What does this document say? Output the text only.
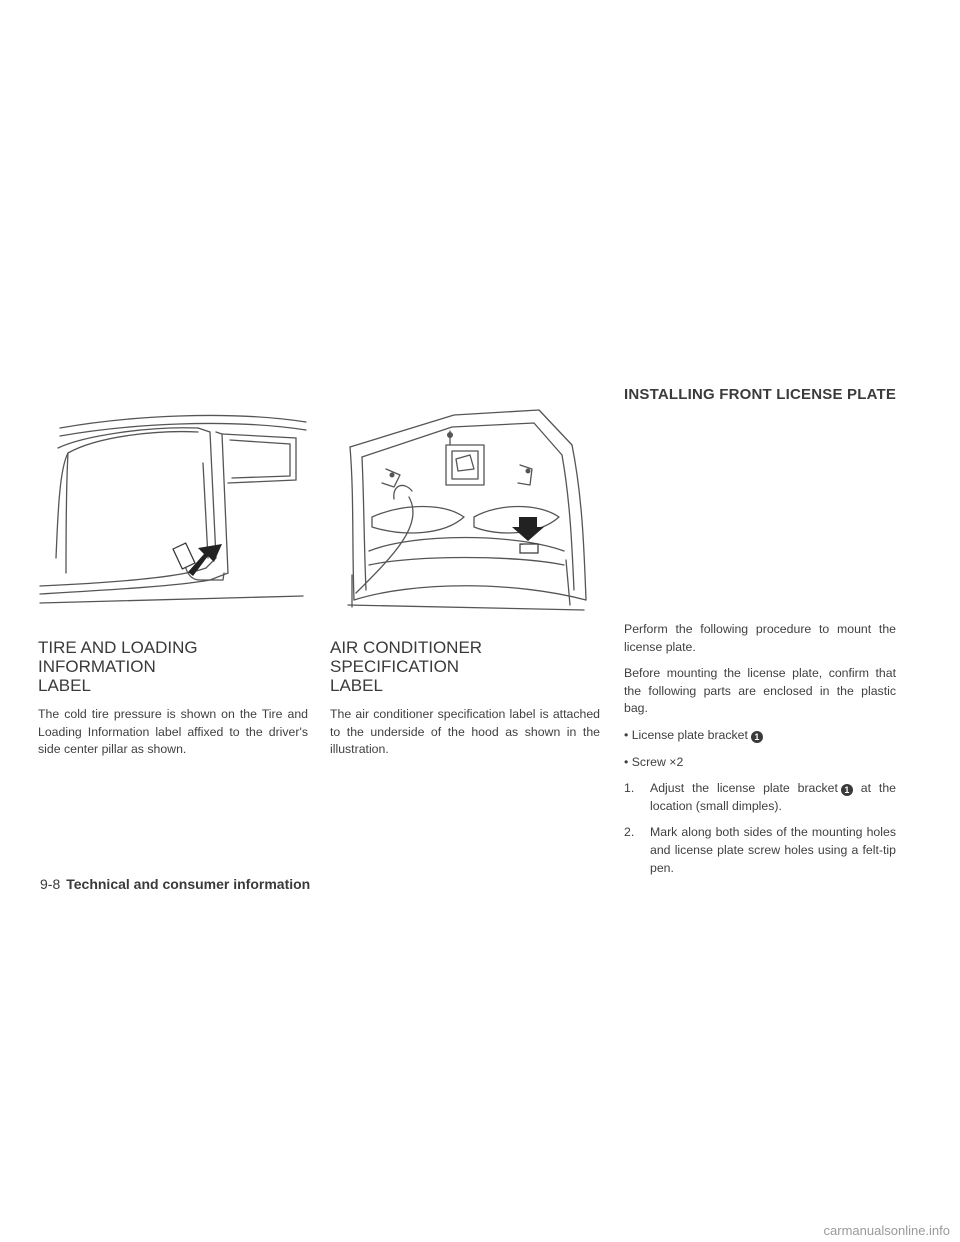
INSTALLING FRONT LICENSE PLATE
TIRE AND LOADING INFORMATION
LABEL

The cold tire pressure is shown on the Tire and Loading Information label affixed to the driver's side center pillar as shown.

AIR CONDITIONER SPECIFICATION
LABEL

The air conditioner specification label is attached to the underside of the hood as shown in the illustration.

Perform the following procedure to mount the license plate.

Before mounting the license plate, confirm that the following parts are enclosed in the plastic bag.

• License plate bracket 1

• Screw ×2

1. Adjust the license plate bracket 1 at the location (small dimples).

2. Mark along both sides of the mounting holes and license plate screw holes using a felt-tip pen.

9-8 Technical and consumer information
carmanualsonline.info
